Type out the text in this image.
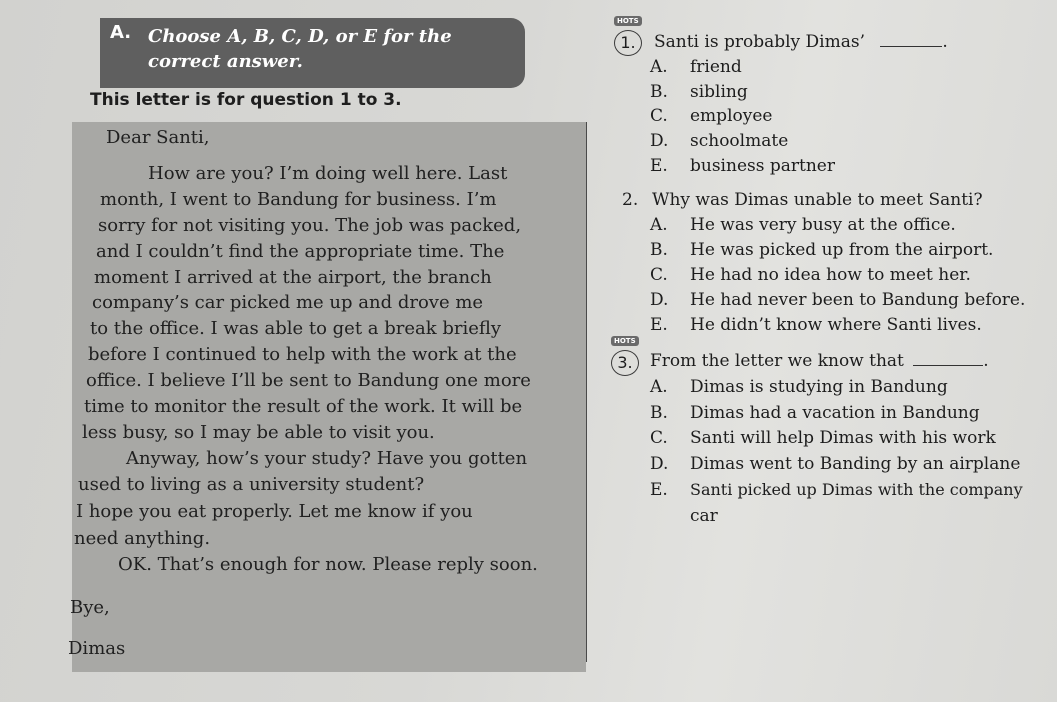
A. Choose A, B, C, D, or E for the correct answer.
This letter is for question 1 to 3.
Dear Santi,
How are you? I’m doing well here. Last
month, I went to Bandung for business. I’m
sorry for not visiting you. The job was packed,
and I couldn’t find the appropriate time. The
moment I arrived at the airport, the branch
company’s car picked me up and drove me
to the office. I was able to get a break briefly
before I continued to help with the work at the
office. I believe I’ll be sent to Bandung one more
time to monitor the result of the work. It will be
less busy, so I may be able to visit you.
Anyway, how’s your study? Have you gotten
used to living as a university student?
I hope you eat properly. Let me know if you
need anything.
OK. That’s enough for now. Please reply soon.
Bye,
Dimas
HOTS
1.	Santi is probably Dimas’	.
A. friend
B. sibling
C. employee
D. schoolmate
E. business partner
2. Why was Dimas unable to meet Santi?
A. He was very busy at the office.
B. He was picked up from the airport.
C. He had no idea how to meet her.
D. He had never been to Bandung before.
E. He didn’t know where Santi lives.
HOTS
3.	From the letter we know that	.
A. Dimas is studying in Bandung
B. Dimas had a vacation in Bandung
C. Santi will help Dimas with his work
D. Dimas went to Banding by an airplane
E. Santi picked up Dimas with the company
car
